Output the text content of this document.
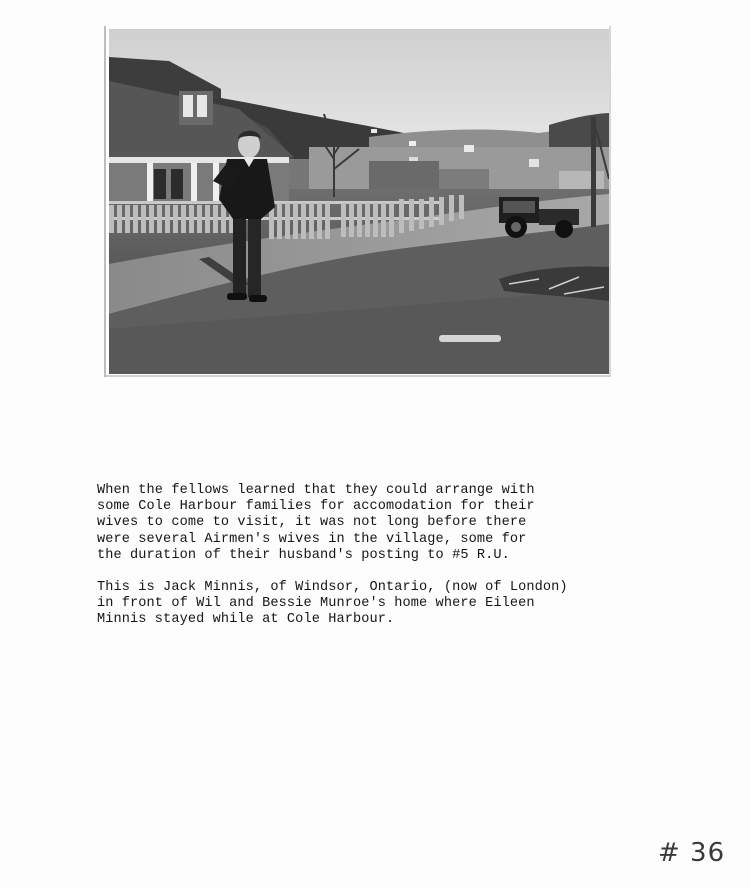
When the fellows learned that they could arrange with

some Cole Harbour families for accomodation for their

wives to come to visit, it was not long before there

were several Airmen's wives in the village, some for

the duration of their husband's posting to #5 R.U.

This is Jack Minnis, of Windsor, Ontario, (now of London)

in front of Wil and Bessie Munroe's home where Eileen

Minnis stayed while at Cole Harbour.

# 36
